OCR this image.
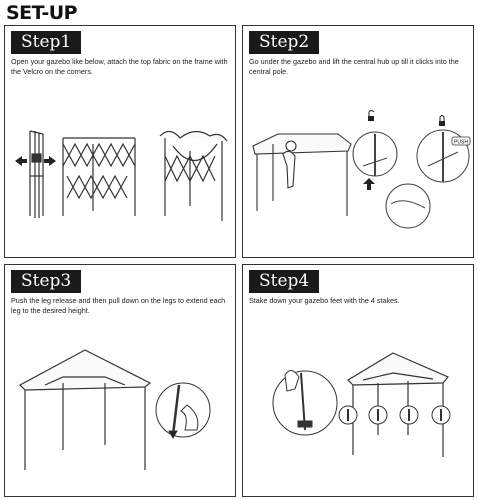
SET-UP
Step1
Open your gazebo like below, attach the top fabric on the frame with the Velcro on the corners.
Step2
Go under the gazebo and lift the central hub up till it clicks into the central pole.
PUSH
Step3
Push the leg release and then pull down on the legs to extend each leg to the desired height.
Step4
Stake down your gazebo feet with the 4 stakes.
